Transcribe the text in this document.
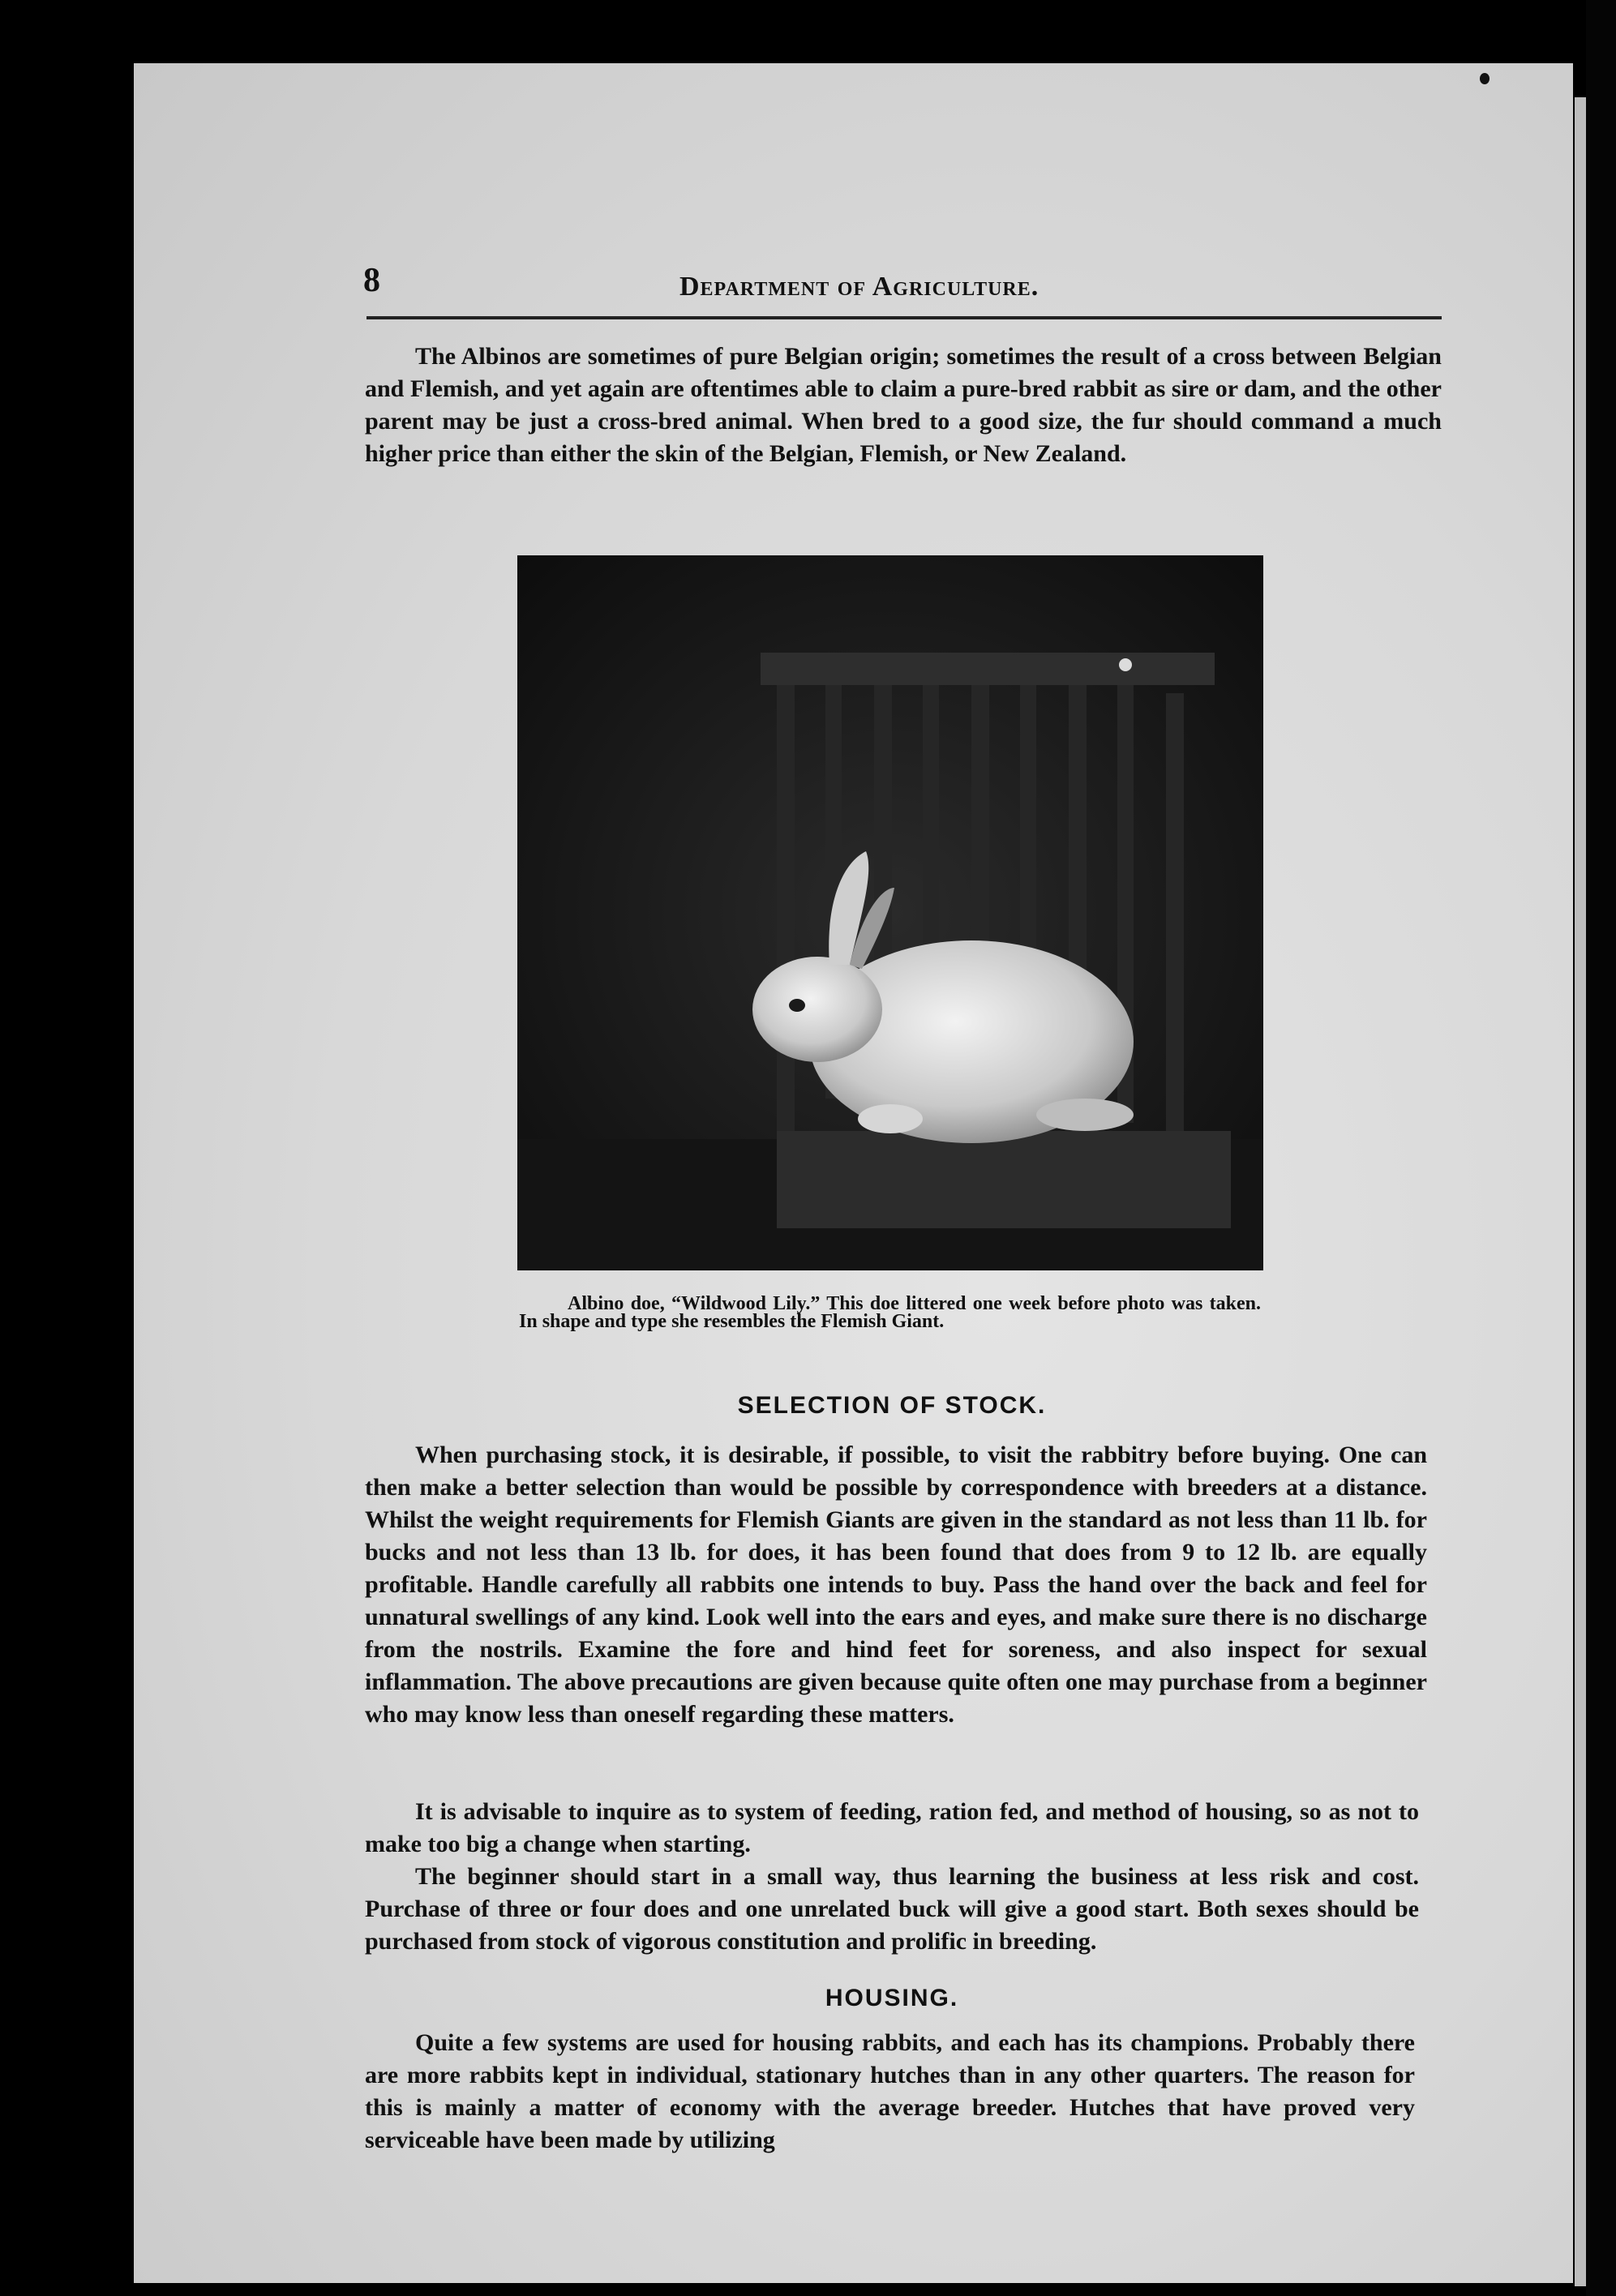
8	Department of Agriculture.

The Albinos are sometimes of pure Belgian origin; sometimes the result of a cross between Belgian and Flemish, and yet again are oftentimes able to claim a pure-bred rabbit as sire or dam, and the other parent may be just a cross-bred animal. When bred to a good size, the fur should command a much higher price than either the skin of the Belgian, Flemish, or New Zealand.

Albino doe, “Wildwood Lily.” This doe littered one week before photo was taken. In shape and type she resembles the Flemish Giant.

SELECTION OF STOCK.

When purchasing stock, it is desirable, if possible, to visit the rabbitry before buying. One can then make a better selection than would be possible by correspondence with breeders at a distance. Whilst the weight requirements for Flemish Giants are given in the standard as not less than 11 lb. for bucks and not less than 13 lb. for does, it has been found that does from 9 to 12 lb. are equally profitable. Handle carefully all rabbits one intends to buy. Pass the hand over the back and feel for unnatural swellings of any kind. Look well into the ears and eyes, and make sure there is no discharge from the nostrils. Examine the fore and hind feet for soreness, and also inspect for sexual inflammation. The above precautions are given because quite often one may purchase from a beginner who may know less than oneself regarding these matters.

It is advisable to inquire as to system of feeding, ration fed, and method of housing, so as not to make too big a change when starting.

The beginner should start in a small way, thus learning the business at less risk and cost. Purchase of three or four does and one unrelated buck will give a good start. Both sexes should be purchased from stock of vigorous constitution and prolific in breeding.

HOUSING.

Quite a few systems are used for housing rabbits, and each has its champions. Probably there are more rabbits kept in individual, stationary hutches than in any other quarters. The reason for this is mainly a matter of economy with the average breeder. Hutches that have proved very serviceable have been made by utilizing
